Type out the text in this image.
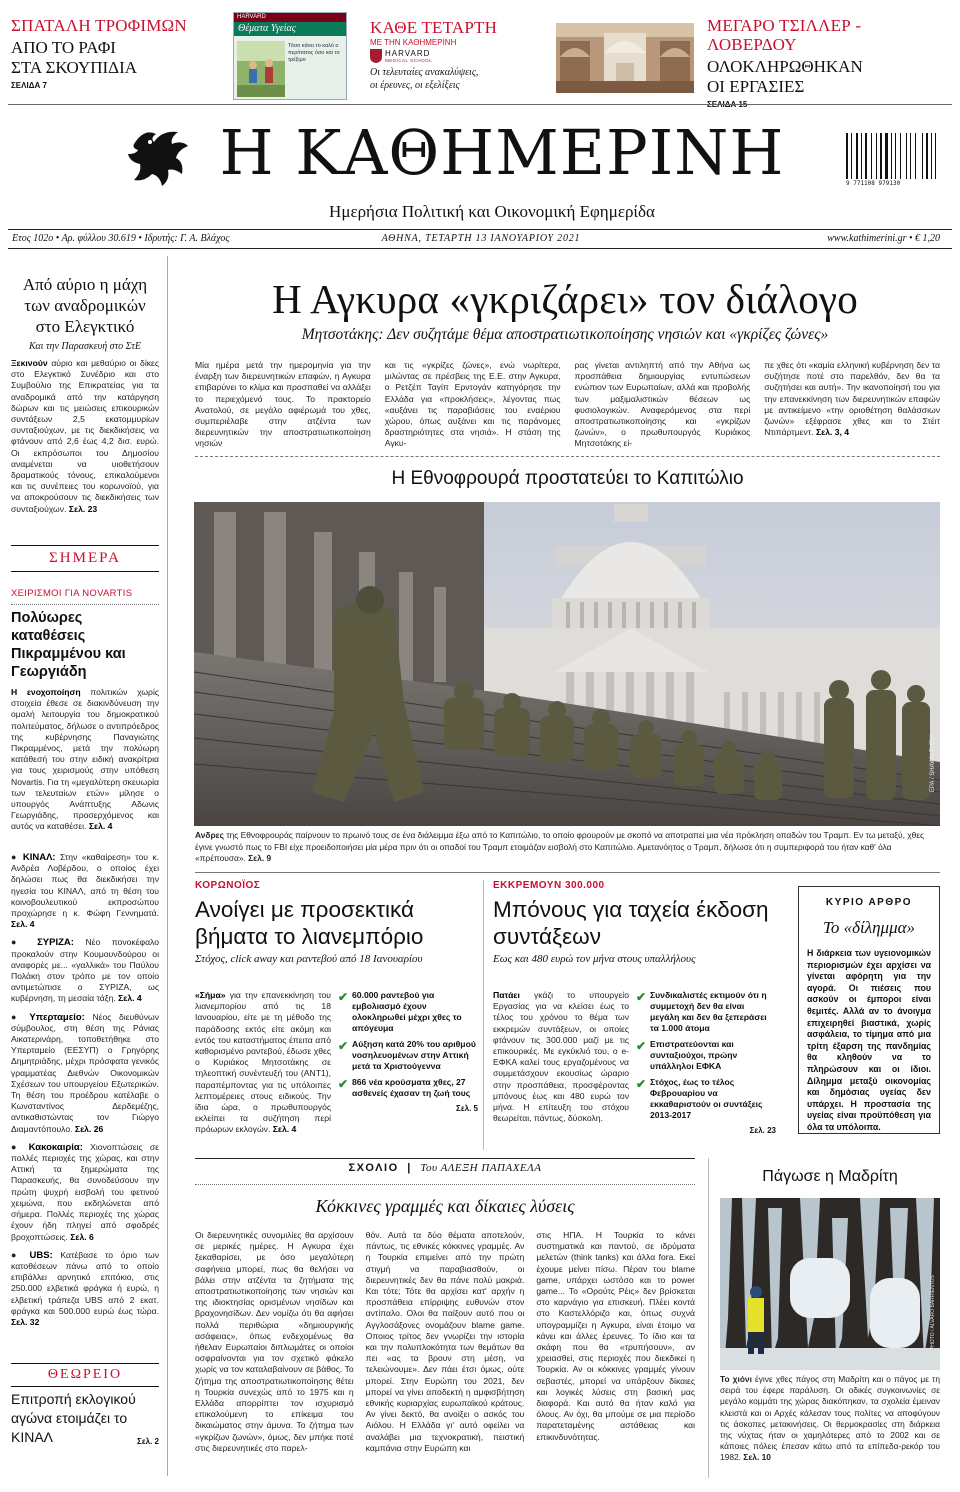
ΣΠΑΤΑΛΗ ΤΡΟΦΙΜΩΝ
ΑΠΟ ΤΟ ΡΑΦΙ
ΣΤΑ ΣΚΟΥΠΙΔΙΑ
ΣΕΛΙΔΑ 7
HARVARD
Θέματα Υγείας
Τόσο κάνει το καλό ο περίπατος όσο και το τρέξιμο
ΚΑΘΕ ΤΕΤΑΡΤΗ
ΜΕ ΤΗΝ ΚΑΘΗΜΕΡΙΝΗ
HARVARD
MEDICAL SCHOOL
Οι τελευταίες ανακαλύψεις,
οι έρευνες, οι εξελίξεις
ΜΕΓΑΡΟ ΤΣΙΛΛΕΡ - ΛΟΒΕΡΔΟΥ
ΟΛΟΚΛΗΡΩΘΗΚΑΝ
ΟΙ ΕΡΓΑΣΙΕΣ
Η ΚΑΘΗΜΕΡΙΝΗ
Ημερήσια Πολιτική και Οικονομική Εφημερίδα
9 771108 979130
Ετος 102ο • Αρ. φύλλου 30.619 • Ιδρυτής: Γ. Α. Βλάχος	ΑΘΗΝΑ, ΤΕΤΑΡΤΗ 13 ΙΑΝΟΥΑΡΙΟΥ 2021	www.kathimerini.gr • € 1,20
Από αύριο η μάχη των αναδρομικών στο Ελεγκτικό
Και την Παρασκευή στο ΣτΕ

Ξεκινούν αύριο και μεθαύριο οι δίκες στο Ελεγκτικό Συνέδριο και στο Συμβούλιο της Επικρατείας για τα αναδρομικά από την κατάργηση δώρων και τις μειώσεις επικουρικών συντάξεων 2,5 εκατομμυρίων συνταξιούχων, με τις διεκδικήσεις να φτάνουν από 2,6 έως 4,2 δισ. ευρώ. Οι εκπρόσωποι του Δημοσίου αναμένεται να υιοθετήσουν δραματικούς τόνους, επικαλούμενοι και τις συνέπειες του κορωνοϊού, για να αποκρούσουν τις διεκδικήσεις των συνταξιούχων. Σελ. 23

ΣΗΜΕΡΑ
ΧΕΙΡΙΣΜΟΙ ΓΙΑ NOVARTIS
Πολύωρες καταθέσεις Πικραμμένου και Γεωργιάδη

Η ενοχοποίηση πολιτικών χωρίς στοιχεία έθεσε σε διακινδύνευση την ομαλή λειτουργία του δημοκρατικού πολιτεύματος, δήλωσε ο αντιπρόεδρος της κυβέρνησης Παναγιώτης Πικραμμένος, μετά την πολύωρη κατάθεσή του στην ειδική ανακρίτρια για τους χειρισμούς στην υπόθεση Novartis. Για τη «μεγαλύτερη σκευωρία των τελευταίων ετών» μίλησε ο υπουργός Ανάπτυξης Αδωνις Γεωργιάδης, προσερχόμενος και αυτός να καταθέσει. Σελ. 4

● ΚΙΝΑΛ: Στην «καθαίρεση» του κ. Ανδρέα Λοβέρδου, ο οποίος έχει δηλώσει πως θα διεκδικήσει την ηγεσία του ΚΙΝΑΛ, από τη θέση του κοινοβουλευτικού εκπροσώπου προχώρησε η κ. Φώφη Γεννηματά. Σελ. 4

● ΣΥΡΙΖΑ: Νέο πονοκέφαλο προκαλούν στην Κουμουνδούρου οι αναφορές με... «γαλλικά» του Παύλου Πολάκη στον τρόπο με τον οποίο αντιμετώπισε ο ΣΥΡΙΖΑ, ως κυβέρνηση, τη μεσαία τάξη. Σελ. 4

● Υπερταμείο: Νέος διευθύνων σύμβουλος, στη θέση της Ράνιας Αικατερινάρη, τοποθετήθηκε στο Υπερταμείο (ΕΕΣΥΠ) ο Γρηγόρης Δημητριάδης, μέχρι πρόσφατα γενικός γραμματέας Διεθνών Οικονομικών Σχέσεων του υπουργείου Εξωτερικών. Τη θέση του προέδρου κατέλαβε ο Κωνσταντίνος Δερδεμέζης, αντικαθιστώντας τον Γιώργο Διαμαντόπουλο. Σελ. 26

● Κακοκαιρία: Χιονοπτώσεις σε πολλές περιοχές της χώρας, και στην Αττική τα ξημερώματα της Παρασκευής, θα συνοδεύσουν την πρώτη ψυχρή εισβολή του φετινού χειμώνα, που εκδηλώνεται από σήμερα. Πολλές περιοχές της χώρας έχουν ήδη πληγεί από σφοδρές βροχοπτώσεις. Σελ. 6

● UBS: Κατέβασε το όριο των κατοθέσεων πάνω από το οποίο επιβάλλει αρνητικό επιτόκιο, στις 250.000 ελβετικά φράγκα ή ευρώ, η ελβετική τράπεζα UBS από 2 εκατ. φράγκα και 500.000 ευρώ έως τώρα. Σελ. 32

ΘΕΩΡΕΙΟ
Επιτροπή εκλογικού αγώνα ετοιμάζει το ΚΙΝΑΛ	Σελ. 2
Η Αγκυρα «γκριζάρει» τον διάλογο
Μητσοτάκης: Δεν συζητάμε θέμα αποστρατιωτικοποίησης νησιών και «γκρίζες ζώνες»

Μία ημέρα μετά την ημερομηνία για την έναρξη των διερευνητικών επαφών, η Αγκυρα επιβαρύνει το κλίμα και προσπαθεί να αλλάξει το περιεχόμενό τους. Το πρακτορείο Ανατολού, σε μεγάλο αφιέρωμά του χθες, συμπεριέλαβε στην ατζέντα των διερευνητικών την αποστρατιωτικοποίηση νησιών

και τις «γκρίζες ζώνες», ενώ νωρίτερα, μιλώντας σε πρέσβεις της Ε.Ε. στην Αγκυρα, ο Ρετζέπ Ταγίπ Ερντογάν κατηγόρησε την Ελλάδα για «προκλήσεις», λέγοντας πως «αυξάνει τις παραβιάσεις του εναέριου χώρου, όπως αυξάνει και τις παράνομες δραστηριότητες στα νησιά». Η στάση της Αγκυ-

ρας γίνεται αντιληπτή από την Αθήνα ως προσπάθεια δημιουργίας εντυπώσεων ενώπιον των Ευρωπαίων, αλλά και προβολής των μαξιμαλιστικών θέσεων ως φυσιολογικών. Αναφερόμενος στα περί αποστρατιωτικοποίησης και «γκρίζων ζωνών», ο πρωθυπουργός Κυριάκος Μητσοτάκης εί-

πε χθες ότι «καμία ελληνική κυβέρνηση δεν τα συζήτησε ποτέ στο παρελθόν, δεν θα τα συζητήσει και αυτή». Την ικανοποίησή του για την επανεκκίνηση των διερευνητικών επαφών με αντικείμενο «την οριοθέτηση θαλάσσιων ζωνών» εξέφρασε χθες και το Στέιτ Ντιπάρτμεντ. Σελ. 3, 4

Η Εθνοφρουρά προστατεύει το Καπιτώλιο
EPA / SHAWN THEW

Ανδρες της Εθνοφρουράς παίρνουν το πρωινό τους σε ένα διάλειμμα έξω από το Καπιτώλιο, το οποίο φρουρούν με σκοπό να αποτραπεί μια νέα πρόκληση οπαδών του Τραμπ. Εν τω μεταξύ, χθες έγινε γνωστό πως το FBI είχε προειδοποιήσει μία μέρα πριν ότι οι οπαδοί του Τραμπ ετοιμάζαν εισβολή στο Καπιτώλιο. Αμετανόητος ο Τραμπ, δήλωσε ότι η συμπεριφορά του ήταν καθ' όλα «πρέπουσα». Σελ. 9

ΚΟΡΩΝΟΪΟΣ
Ανοίγει με προσεκτικά βήματα το λιανεμπόριο
Στόχος, click away και ραντεβού από 18 Ιανουαρίου

«Σήμα» για την επανεκκίνηση του λιανεμπορίου από τις 18 Ιανουαρίου, είτε με τη μέθοδο της παράδοσης εκτός είτε ακόμη και εντός του καταστήματος έπειτα από καθορισμένο ραντεβού, έδωσε χθες ο Κυριάκος Μητσοτάκης σε τηλεοπτική συνέντευξή του (ΑΝΤ1), παραπέμποντας για τις υπόλοιπες λεπτομέρειες στους ειδικούς. Την ίδια ώρα, ο πρωθυπουργός εκλείπει τα συζήτηση περί πρόωρων εκλογών. Σελ. 4

✔ 60.000 ραντεβού για εμβολιασμό έχουν ολοκληρωθεί μέχρι χθες το απόγευμα
✔ Αύξηση κατά 20% του αριθμού νοσηλευομένων στην Αττική μετά τα Χριστούγεννα
✔ 866 νέα κρούσματα χθες, 27 ασθενείς έχασαν τη ζωή τους
Σελ. 5
ΕΚΚΡΕΜΟΥΝ 300.000
Μπόνους για ταχεία έκδοση συντάξεων
Εως και 480 ευρώ τον μήνα στους υπαλλήλους

Πατάει γκάζι το υπουργείο Εργασίας για να κλείσει έως το τέλος του χρόνου το θέμα των εκκρεμών συντάξεων, οι οποίες φτάνουν τις 300.000 μαζί με τις επικουρικές. Με εγκύκλιό του, ο e-ΕΦΚΑ καλεί τους εργαζομένους να συμμετάσχουν εκουσίως ώραριο στην προσπάθεια, προσφέροντας μπόνους έως και 480 ευρώ τον μήνα. Η επίτευξη του στόχου θεωρείται, πάντως, δύσκολη.

✔ Συνδικαλιστές εκτιμούν ότι η συμμετοχή δεν θα είναι μεγάλη και δεν θα ξεπεράσει τα 1.000 άτομα
✔ Επιστρατεύονται και συνταξιούχοι, πρώην υπάλληλοι ΕΦΚΑ
✔ Στόχος, έως το τέλος Φεβρουαρίου να εκκαθαριστούν οι συντάξεις 2013-2017
Σελ. 23
ΚΥΡΙΟ ΑΡΘΡΟ
Το «δίλημμα»

Η διάρκεια των υγειονομικών περιορισμών έχει αρχίσει να γίνεται αφόρητη για την αγορά. Οι πιέσεις που ασκούν οι έμποροι είναι θεμιτές. Αλλά αν το άνοιγμα επιχειρηθεί βιαστικά, χωρίς ασφάλεια, το τίμημα από μια τρίτη έξαρση της πανδημίας θα κληθούν να το πληρώσουν και οι ίδιοι. Δίλημμα μεταξύ οικονομίας και δημόσιας υγείας δεν υπάρχει. Η προστασία της υγείας είναι προϋπόθεση για όλα τα υπόλοιπα.

ΣΧΟΛΙΟ | Του ΑΛΕΞΗ ΠΑΠΑΧΕΛΑ
Κόκκινες γραμμές και δίκαιες λύσεις

Οι διερευνητικές συνομιλίες θα αρχίσουν σε μερικές ημέρες. Η Αγκυρα έχει ξεκαθαρίσει, με όσο μεγαλύτερη σαφήνεια μπορεί, πως θα θελήσει να βάλει στην ατζέντα τα ζητήματα της αποστρατιωτικοποίησης των νησιών και της ιδιοκτησίας ορισμένων νησίδων και βραχονησίδων. Δεν νομίζω ότι θα αφήσει πολλά περιθώρια «δημιουργικής ασάφειας», όπως ενδεχομένως θα ήθελαν Ευρωπαίοι διπλωμάτες οι οποίοι οσφραίνονται για τον σχετικό φάκελο χωρίς να τον καταλαβαίνουν σε βάθος. Το ζήτημα της αποστρατιωτικοποίησης θέτει η Τουρκία συνεχώς από το 1975 και η Ελλάδα απορρίπτει τον ισχυρισμό επικαλούμενη το επίκειμα του δικαιώματος στην άμυνα. Το ζήτημα των «γκρίζων ζωνών», όμως, δεν μπήκε ποτέ στις διερευνητικές στο παρελ-

θόν. Αυτά τα δύο θέματα αποτελούν, πάντως, τις εθνικές κόκκινες γραμμές. Αν η Τουρκία επιμείνει από την πρώτη στιγμή να παραβιασθούν, οι διερευνητικές δεν θα πάνε πολύ μακριά. Και τότε; Τότε θα αρχίσει κατ' αρχήν η προσπάθεια επίρριψης ευθυνών στον αντίπαλο. Ολοι θα παίξουν αυτό που οι Αγγλοσάξονες ονομάζουν blame game. Οποιος τρίτος δεν γνωρίζει την ιστορία και την πολυπλοκότητα των θεμάτων θα πει «ας τα βρουν στη μέση, να τελειώνουμε». Δεν πάει έτσι όμως, ούτε μπορεί. Στην Ευρώπη του 2021, δεν μπορεί να γίνει αποδεκτή η αμφισβήτηση εθνικής κυριαρχίας ευρωπαϊκού κράτους. Αν γίνει δεκτό, θα ανοίξει ο ασκός του Αιόλου. Η Ελλάδα γι' αυτό οφείλει να αναλάβει μια τεχνοκρατική, πειστική καμπάνια στην Ευρώπη και

στις ΗΠΑ. Η Τουρκία το κάνει συστηματικά και παντού, σε ιδρύματα μελετών (think tanks) και άλλα fora. Εκεί έχουμε μείνει πίσω. Πέραν του blame game, υπάρχει ωστόσο και το power game... Το «Ορούτς Ρέις» δεν βρίσκεται στο καρνάγιο για επισκευή. Πλέει κοντά στο Καστελλόριζο και, όπως συχνά υπογραμμίζει η Αγκυρα, είναι έτοιμο να κάνει και άλλες έρευνες. Το ίδιο και τα σκάφη που θα «τρυπήσουν», αν χρειασθεί, στις περιοχές που διεκδικεί η Τουρκία. Αν οι κόκκινες γραμμές γίνουν σεβαστές, μπορεί να υπάρξουν δίκαιες και λογικές λύσεις στη βασική μας διαφορά. Και αυτό θα ήταν καλό για όλους. Αν όχι, θα μπούμε σε μια περίοδο παρατεταμένης αστάθειας και επικινδυνότητας.

Πάγωσε η Μαδρίτη
AP PHOTO / ALVARO BARRIENTOS

Το χιόνι έγινε χθες πάγος στη Μαδρίτη και ο πάγος με τη σειρά του έφερε παράλυση. Οι οδικές συγκοινωνίες σε μεγάλο κομμάτι της χώρας διακόπηκαν, τα σχολεία έμειναν κλειστά και οι Αρχές κάλεσαν τους πολίτες να αποφύγουν τις άσκοπες μετακινήσεις. Οι θερμοκρασίες στη διάρκεια της νύχτας ήταν οι χαμηλότερες από το 2002 και σε κάποιες πόλεις έπεσαν κάτω από τα επίπεδα-ρεκόρ του 1982. Σελ. 10
